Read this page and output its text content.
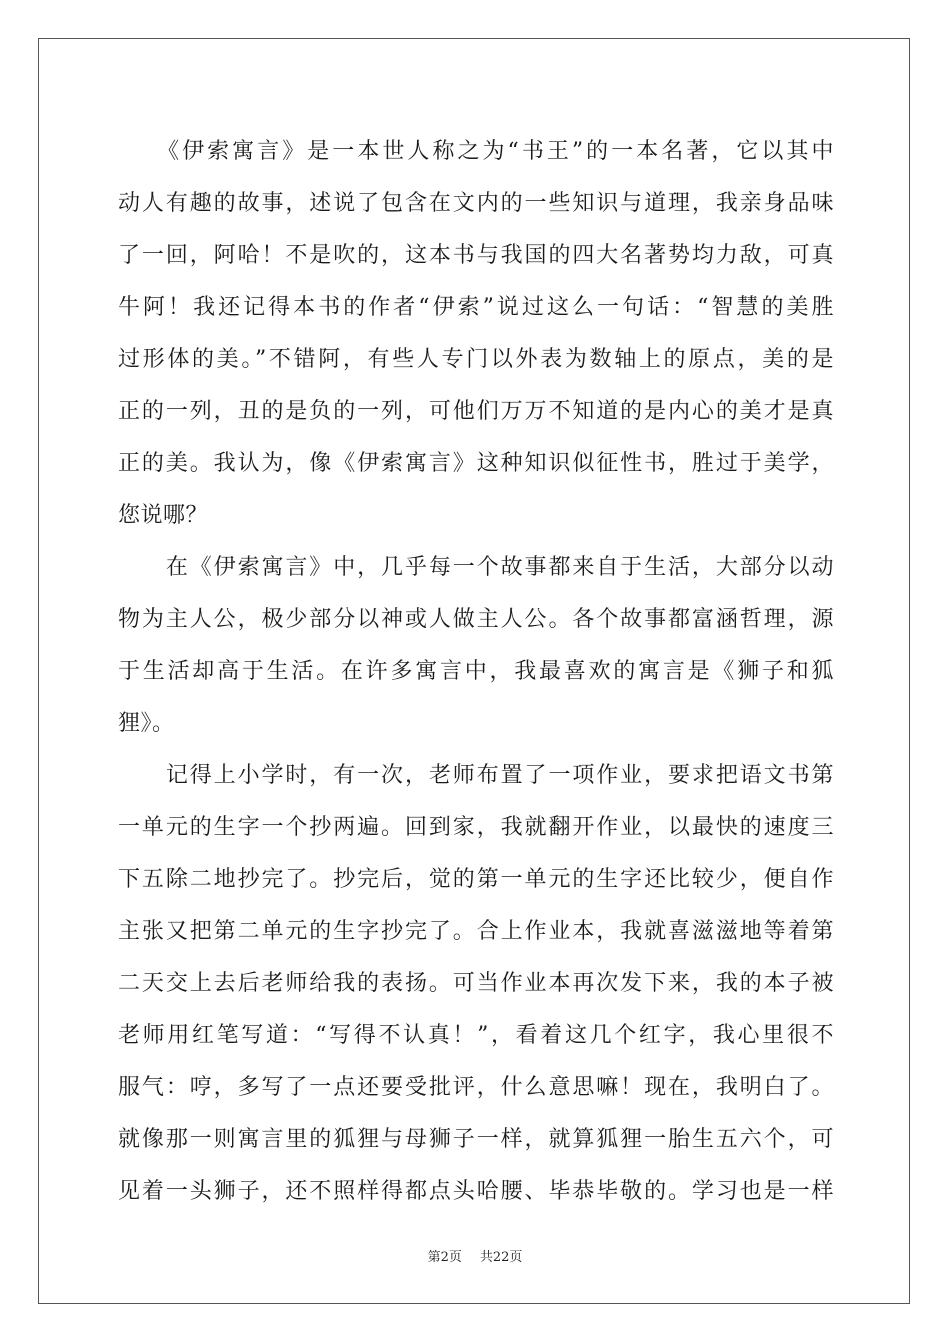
　　《伊索寓言》是一本世人称之为“书王”的一本名著，它以其中
动人有趣的故事，述说了包含在文内的一些知识与道理，我亲身品味
了一回，阿哈！不是吹的，这本书与我国的四大名著势均力敌，可真
牛阿！我还记得本书的作者“伊索”说过这么一句话：“智慧的美胜
过形体的美。”不错阿，有些人专门以外表为数轴上的原点，美的是
正的一列，丑的是负的一列，可他们万万不知道的是内心的美才是真
正的美。我认为，像《伊索寓言》这种知识似征性书，胜过于美学，
您说哪？
　　在《伊索寓言》中，几乎每一个故事都来自于生活，大部分以动
物为主人公，极少部分以神或人做主人公。各个故事都富涵哲理，源
于生活却高于生活。在许多寓言中，我最喜欢的寓言是《狮子和狐
狸》。
　　记得上小学时，有一次，老师布置了一项作业，要求把语文书第
一单元的生字一个抄两遍。回到家，我就翻开作业，以最快的速度三
下五除二地抄完了。抄完后，觉的第一单元的生字还比较少，便自作
主张又把第二单元的生字抄完了。合上作业本，我就喜滋滋地等着第
二天交上去后老师给我的表扬。可当作业本再次发下来，我的本子被
老师用红笔写道：“写得不认真！”，看着这几个红字，我心里很不
服气：哼，多写了一点还要受批评，什么意思嘛！现在，我明白了。
就像那一则寓言里的狐狸与母狮子一样，就算狐狸一胎生五六个，可
见着一头狮子，还不照样得都点头哈腰、毕恭毕敬的。学习也是一样
第2页 共22页
